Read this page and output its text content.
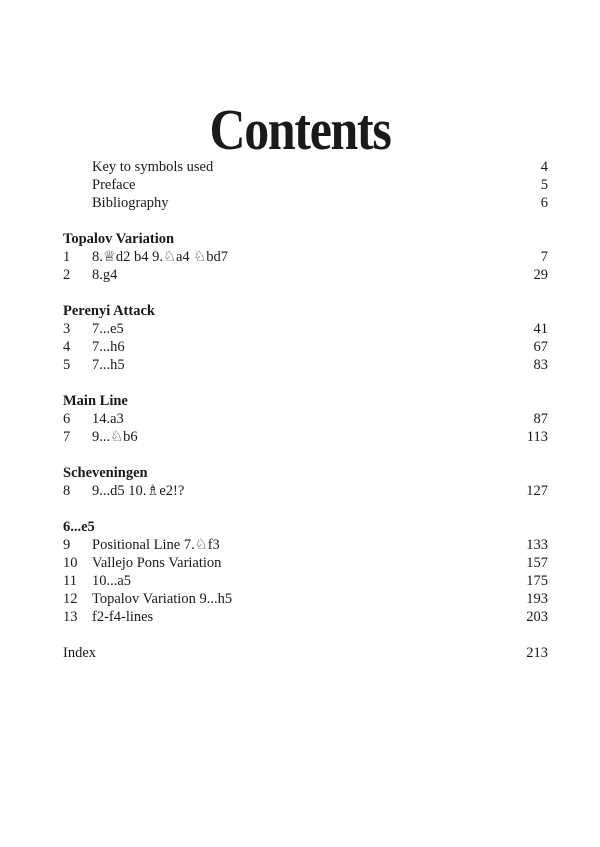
Contents
Key to symbols used	4
Preface	5
Bibliography	6
Topalov Variation
1	8.♕d2 b4 9.♘a4 ♘bd7	7
2	8.g4	29
Perenyi Attack
3	7...e5	41
4	7...h6	67
5	7...h5	83
Main Line
6	14.a3	87
7	9...♘b6	113
Scheveningen
8	9...d5 10.♗e2!?	127
6...e5
9	Positional Line 7.♘f3	133
10	Vallejo Pons Variation	157
11	10...a5	175
12	Topalov Variation 9...h5	193
13	f2-f4-lines	203
Index	213
